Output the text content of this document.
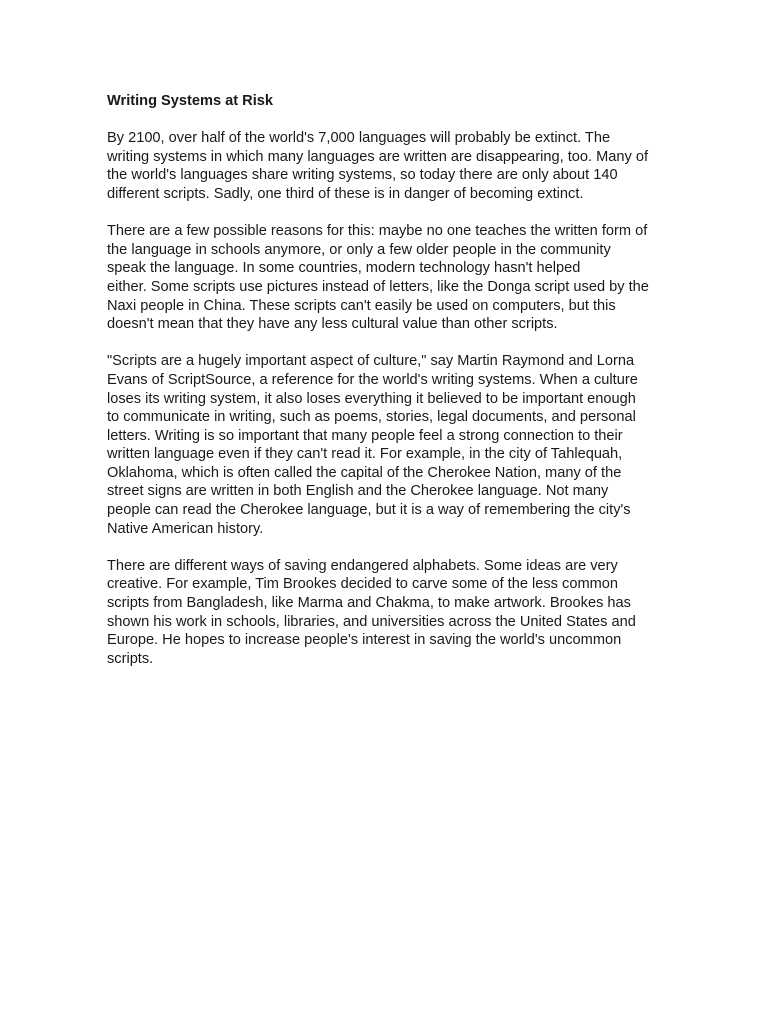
Writing Systems at Risk
By 2100, over half of the world's 7,000 languages will probably be extinct. The
writing systems in which many languages are written are disappearing, too. Many of
the world's languages share writing systems, so today there are only about 140
different scripts. Sadly, one third of these is in danger of becoming extinct.
There are a few possible reasons for this: maybe no one teaches the written form of
the language in schools anymore, or only a few older people in the community
speak the language. In some countries, modern technology hasn't helped
either. Some scripts use pictures instead of letters, like the Donga script used by the
Naxi people in China. These scripts can't easily be used on computers, but this
doesn't mean that they have any less cultural value than other scripts.
"Scripts are a hugely important aspect of culture," say Martin Raymond and Lorna
Evans of ScriptSource, a reference for the world's writing systems. When a culture
loses its writing system, it also loses everything it believed to be important enough
to communicate in writing, such as poems, stories, legal documents, and personal
letters. Writing is so important that many people feel a strong connection to their
written language even if they can't read it. For example, in the city of Tahlequah,
Oklahoma, which is often called the capital of the Cherokee Nation, many of the
street signs are written in both English and the Cherokee language. Not many
people can read the Cherokee language, but it is a way of remembering the city's
Native American history.
There are different ways of saving endangered alphabets. Some ideas are very
creative. For example, Tim Brookes decided to carve some of the less common
scripts from Bangladesh, like Marma and Chakma, to make artwork. Brookes has
shown his work in schools, libraries, and universities across the United States and
Europe. He hopes to increase people's interest in saving the world's uncommon
scripts.
